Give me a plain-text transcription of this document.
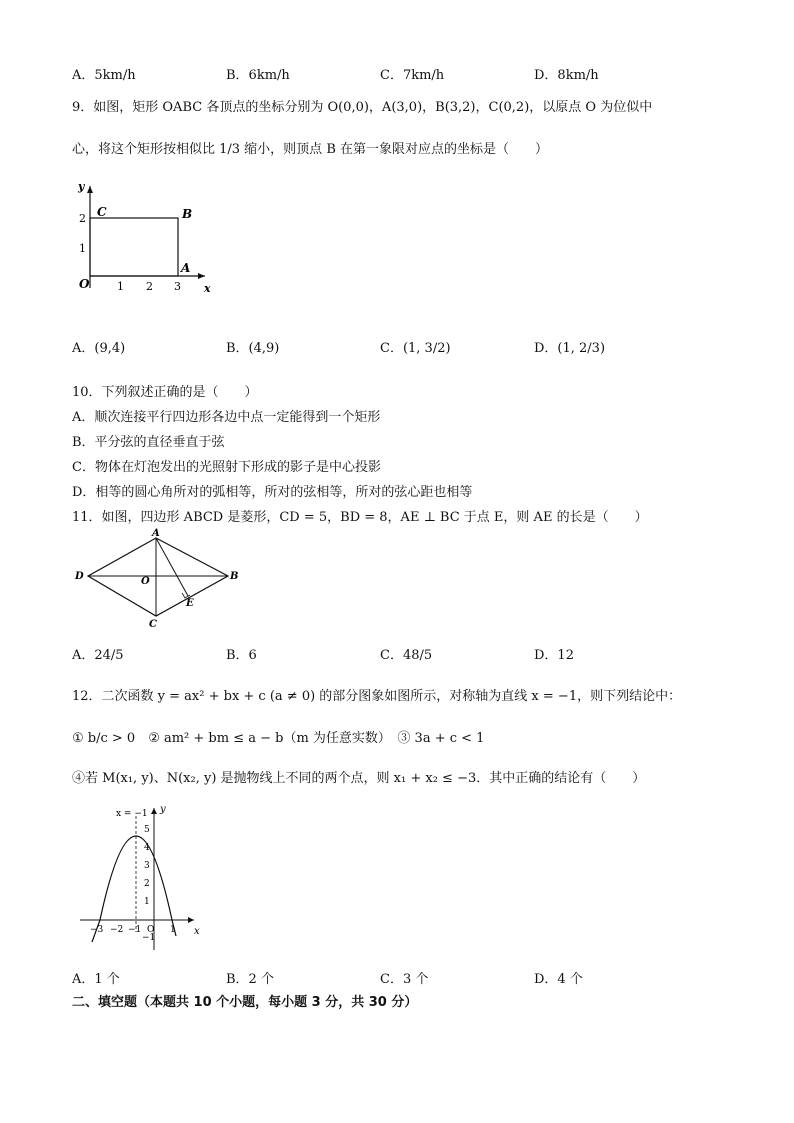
A．5km/h	B．6km/h	C．7km/h	D．8km/h
9．如图，矩形 OABC 各顶点的坐标分别为 O(0,0)，A(3,0)，B(3,2)，C(0,2)，以原点 O 为位似中
心，将这个矩形按相似比 1/3 缩小，则顶点 B 在第一象限对应点的坐标是（　　）
y
x
O
C	B
A
1 2 3
1
2
A．(9,4)	B．(4,9)	C．(1, 3/2)	D．(1, 2/3)
10．下列叙述正确的是（　　）
A．顺次连接平行四边形各边中点一定能得到一个矩形
B．平分弦的直径垂直于弦
C．物体在灯泡发出的光照射下形成的影子是中心投影
D．相等的圆心角所对的弧相等，所对的弦相等，所对的弦心距也相等
11．如图，四边形 ABCD 是菱形，CD = 5，BD = 8，AE ⊥ BC 于点 E，则 AE 的长是（　　）
A
B
C
D	O
E
A．24/5	B．6	C．48/5	D．12
12．二次函数 y = ax² + bx + c (a ≠ 0) 的部分图象如图所示，对称轴为直线 x = −1，则下列结论中：
① b/c > 0　② am² + bm ≤ a − b（m 为任意实数）　③ 3a + c < 1
④若 M(x₁, y)、N(x₂, y) 是抛物线上不同的两个点，则 x₁ + x₂ ≤ −3．其中正确的结论有（　　）
x = −1 y
x
5
4
3
2
1
−1
−3 −2 −1 O 1
A．1 个	B．2 个	C．3 个	D．4 个
二、填空题（本题共 10 个小题，每小题 3 分，共 30 分）
